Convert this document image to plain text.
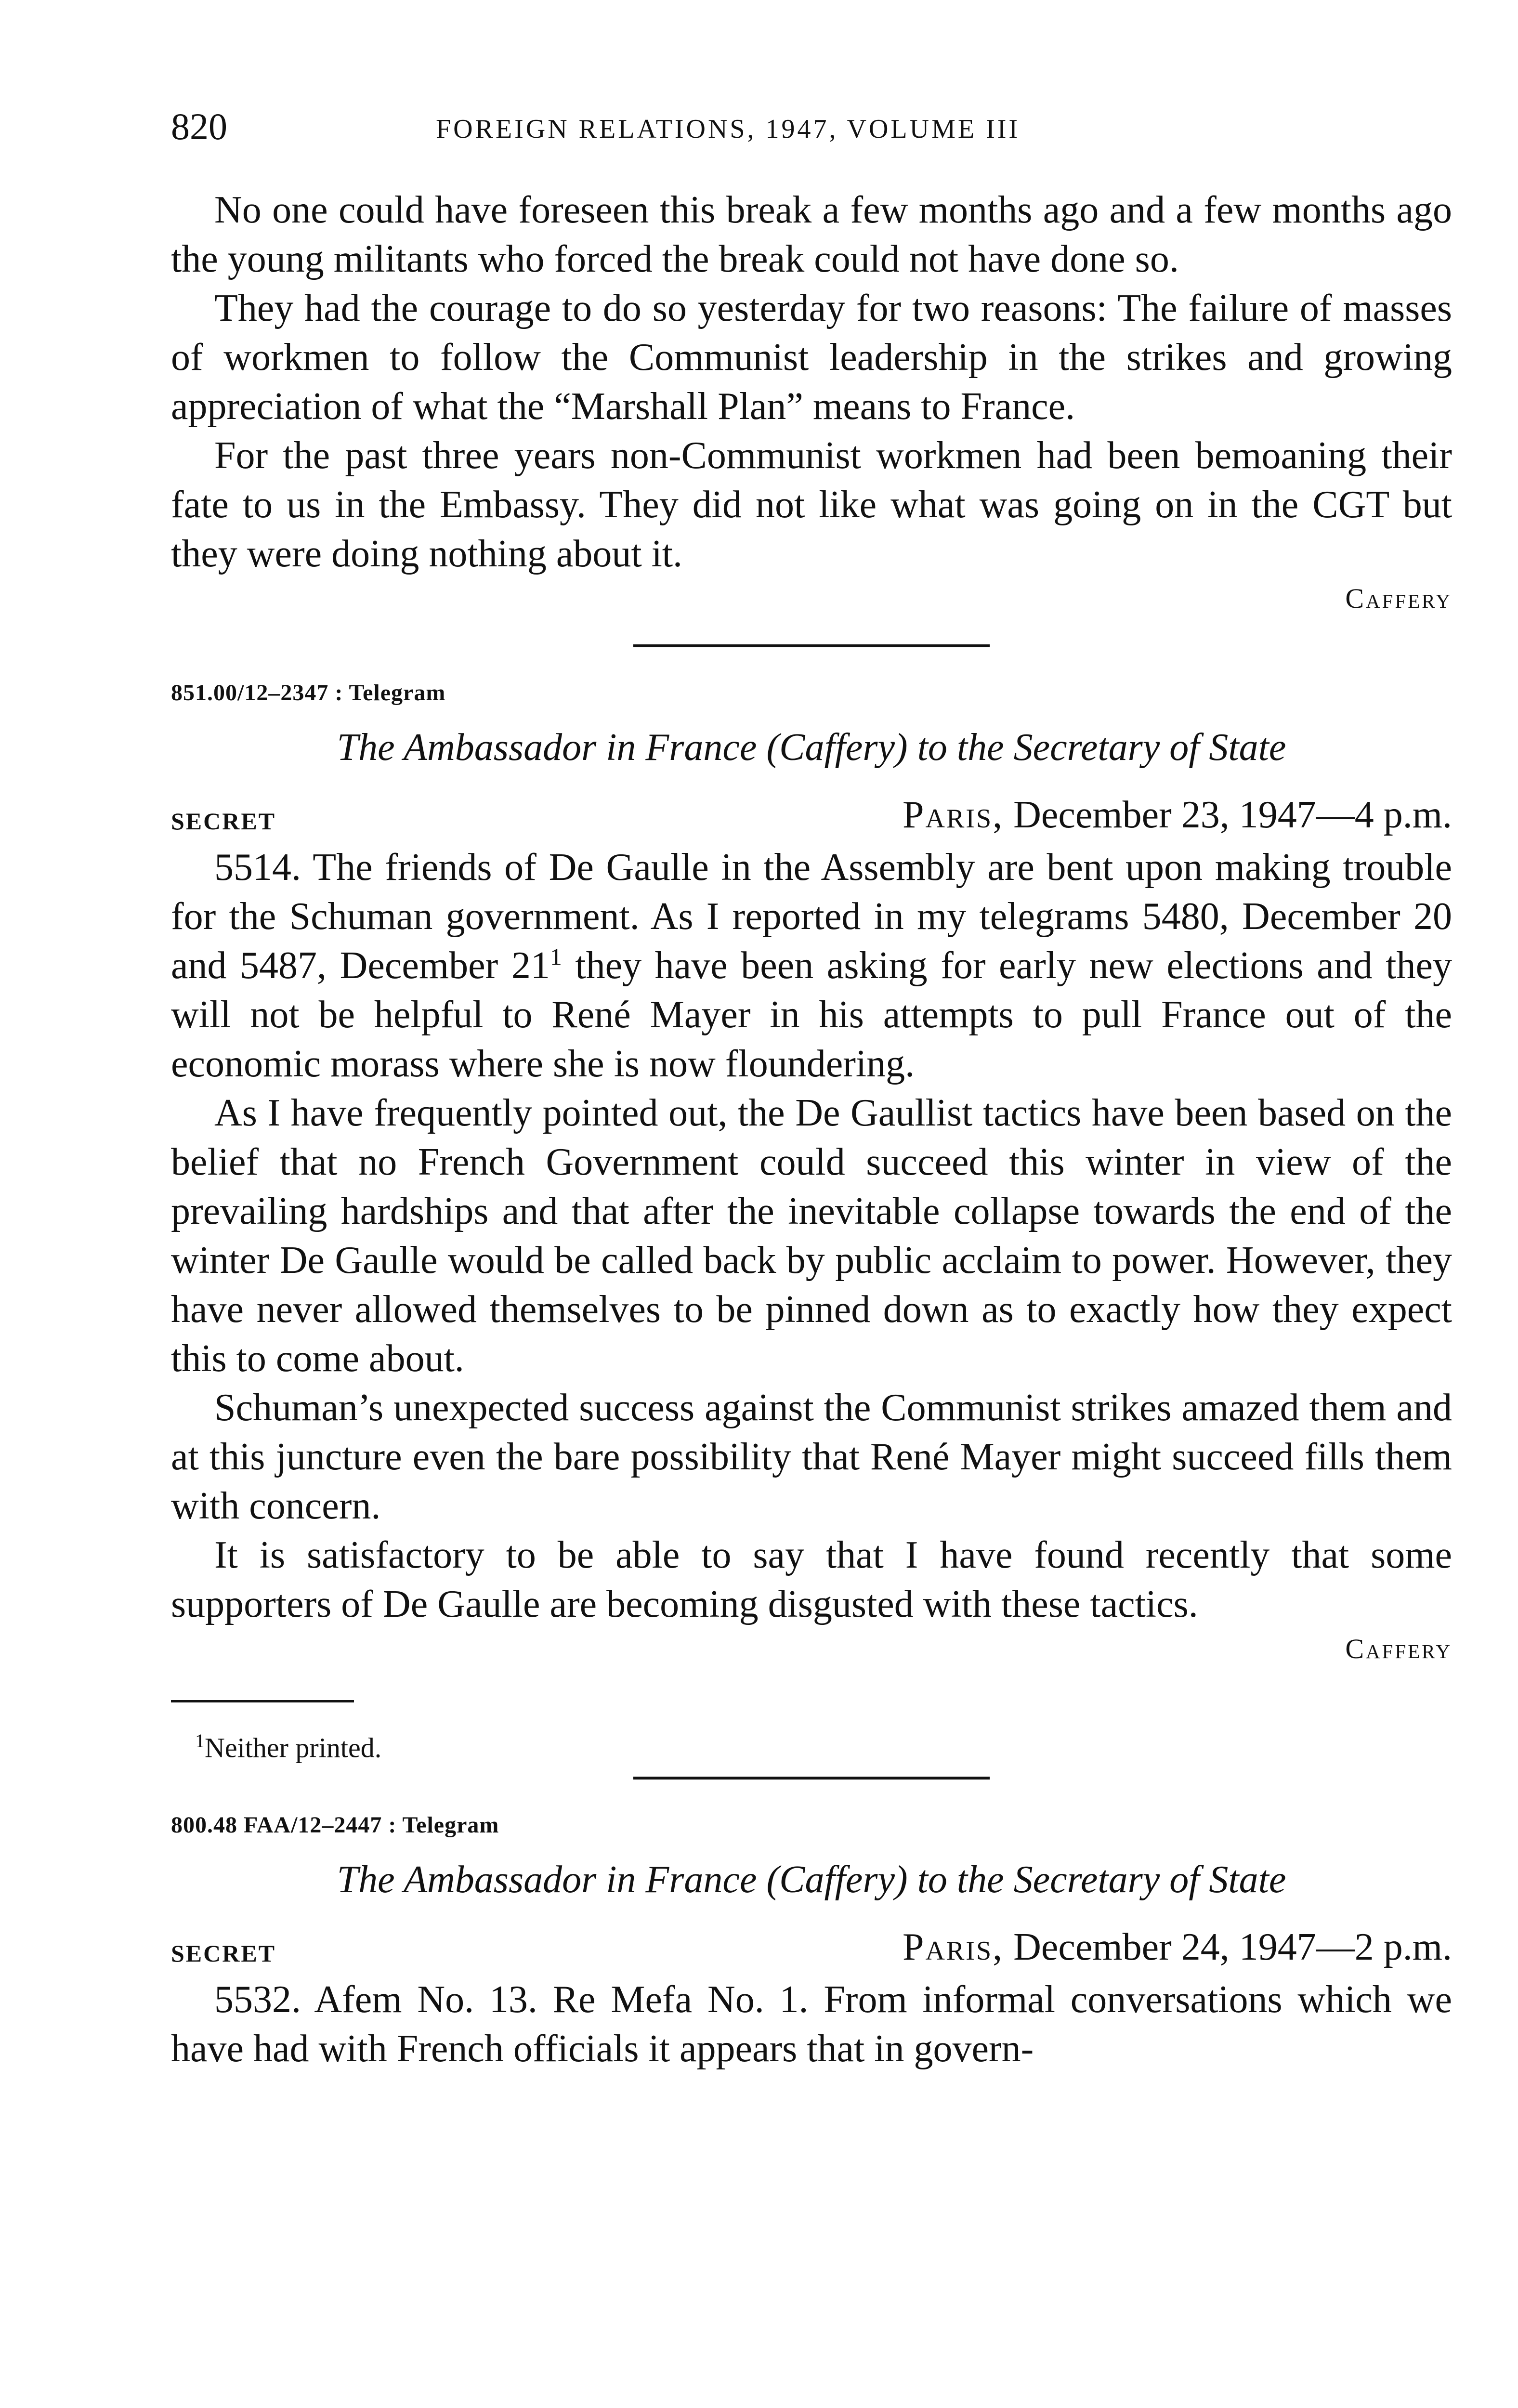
820	FOREIGN RELATIONS, 1947, VOLUME III

No one could have foreseen this break a few months ago and a few months ago the young militants who forced the break could not have done so.

They had the courage to do so yesterday for two reasons: The failure of masses of workmen to follow the Communist leadership in the strikes and growing appreciation of what the “Marshall Plan” means to France.

For the past three years non-Communist workmen had been bemoaning their fate to us in the Embassy. They did not like what was going on in the CGT but they were doing nothing about it.

Caffery

851.00/12–2347 : Telegram

The Ambassador in France (Caffery) to the Secretary of State

SECRET	Paris, December 23, 1947—4 p.m.

5514. The friends of De Gaulle in the Assembly are bent upon making trouble for the Schuman government. As I reported in my telegrams 5480, December 20 and 5487, December 21$^1$ they have been asking for early new elections and they will not be helpful to René Mayer in his attempts to pull France out of the economic morass where she is now floundering.

As I have frequently pointed out, the De Gaullist tactics have been based on the belief that no French Government could succeed this winter in view of the prevailing hardships and that after the inevitable collapse towards the end of the winter De Gaulle would be called back by public acclaim to power. However, they have never allowed themselves to be pinned down as to exactly how they expect this to come about.

Schuman’s unexpected success against the Communist strikes amazed them and at this juncture even the bare possibility that René Mayer might succeed fills them with concern.

It is satisfactory to be able to say that I have found recently that some supporters of De Gaulle are becoming disgusted with these tactics.

Caffery

$^1$Neither printed.

800.48 FAA/12–2447 : Telegram

The Ambassador in France (Caffery) to the Secretary of State

SECRET	Paris, December 24, 1947—2 p.m.

5532. Afem No. 13. Re Mefa No. 1. From informal conversations which we have had with French officials it appears that in govern-
